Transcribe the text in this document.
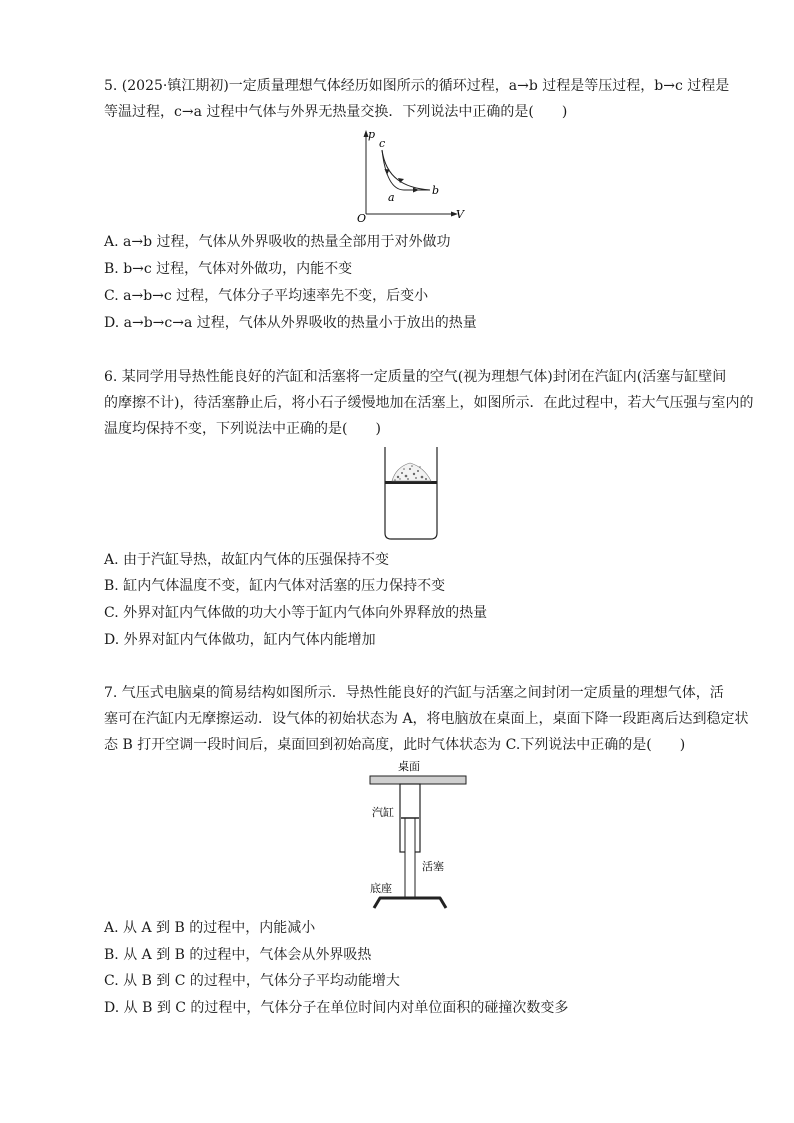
5. (2025·镇江期初)一定质量理想气体经历如图所示的循环过程，a→b 过程是等压过程，b→c 过程是
等温过程，c→a 过程中气体与外界无热量交换．下列说法中正确的是(　　)
p
V
O
c
a
b
A. a→b 过程，气体从外界吸收的热量全部用于对外做功
B. b→c 过程，气体对外做功，内能不变
C. a→b→c 过程，气体分子平均速率先不变，后变小
D. a→b→c→a 过程，气体从外界吸收的热量小于放出的热量
6. 某同学用导热性能良好的汽缸和活塞将一定质量的空气(视为理想气体)封闭在汽缸内(活塞与缸壁间
的摩擦不计)，待活塞静止后，将小石子缓慢地加在活塞上，如图所示．在此过程中，若大气压强与室内的
温度均保持不变，下列说法中正确的是(　　)
A. 由于汽缸导热，故缸内气体的压强保持不变
B. 缸内气体温度不变，缸内气体对活塞的压力保持不变
C. 外界对缸内气体做的功大小等于缸内气体向外界释放的热量
D. 外界对缸内气体做功，缸内气体内能增加
7. 气压式电脑桌的简易结构如图所示．导热性能良好的汽缸与活塞之间封闭一定质量的理想气体，活
塞可在汽缸内无摩擦运动．设气体的初始状态为 A，将电脑放在桌面上，桌面下降一段距离后达到稳定状
态 B 打开空调一段时间后，桌面回到初始高度，此时气体状态为 C.下列说法中正确的是(　　)
桌面
汽缸
活塞
底座
A. 从 A 到 B 的过程中，内能减小
B. 从 A 到 B 的过程中，气体会从外界吸热
C. 从 B 到 C 的过程中，气体分子平均动能增大
D. 从 B 到 C 的过程中，气体分子在单位时间内对单位面积的碰撞次数变多
